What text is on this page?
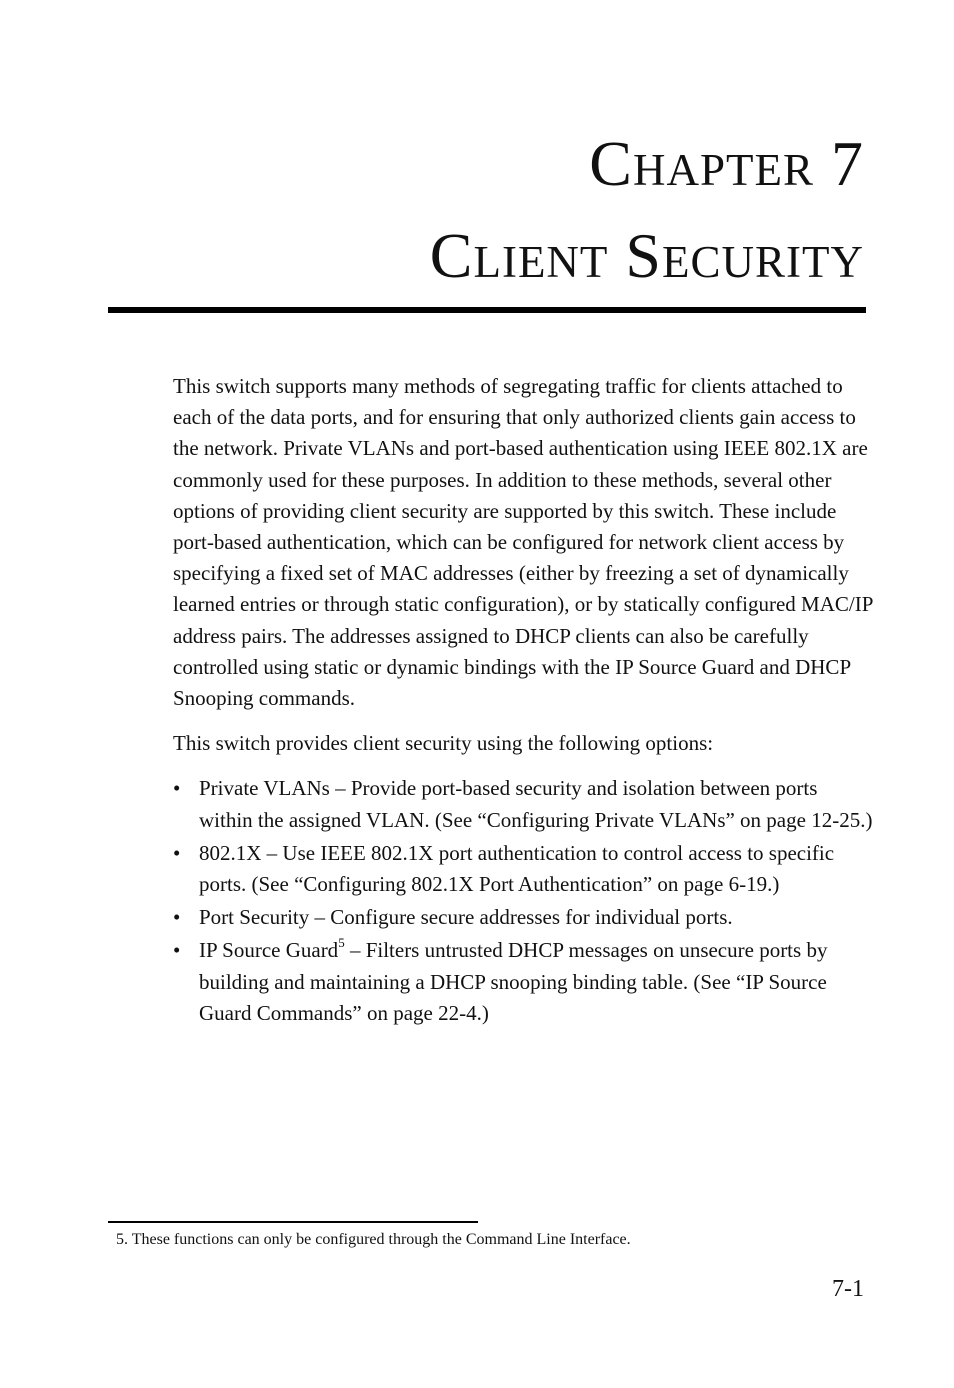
Chapter 7
Client Security

This switch supports many methods of segregating traffic for clients attached to each of the data ports, and for ensuring that only authorized clients gain access to the network. Private VLANs and port-based authentication using IEEE 802.1X are commonly used for these purposes. In addition to these methods, several other options of providing client security are supported by this switch. These include port-based authentication, which can be configured for network client access by specifying a fixed set of MAC addresses (either by freezing a set of dynamically learned entries or through static configuration), or by statically configured MAC/IP address pairs. The addresses assigned to DHCP clients can also be carefully controlled using static or dynamic bindings with the IP Source Guard and DHCP Snooping commands.

This switch provides client security using the following options:

• Private VLANs – Provide port-based security and isolation between ports within the assigned VLAN. (See “Configuring Private VLANs” on page 12-25.)
• 802.1X – Use IEEE 802.1X port authentication to control access to specific ports. (See “Configuring 802.1X Port Authentication” on page 6-19.)
• Port Security – Configure secure addresses for individual ports.
• IP Source Guard$^5$ – Filters untrusted DHCP messages on unsecure ports by building and maintaining a DHCP snooping binding table. (See “IP Source Guard Commands” on page 22-4.)
5. These functions can only be configured through the Command Line Interface.
7-1
